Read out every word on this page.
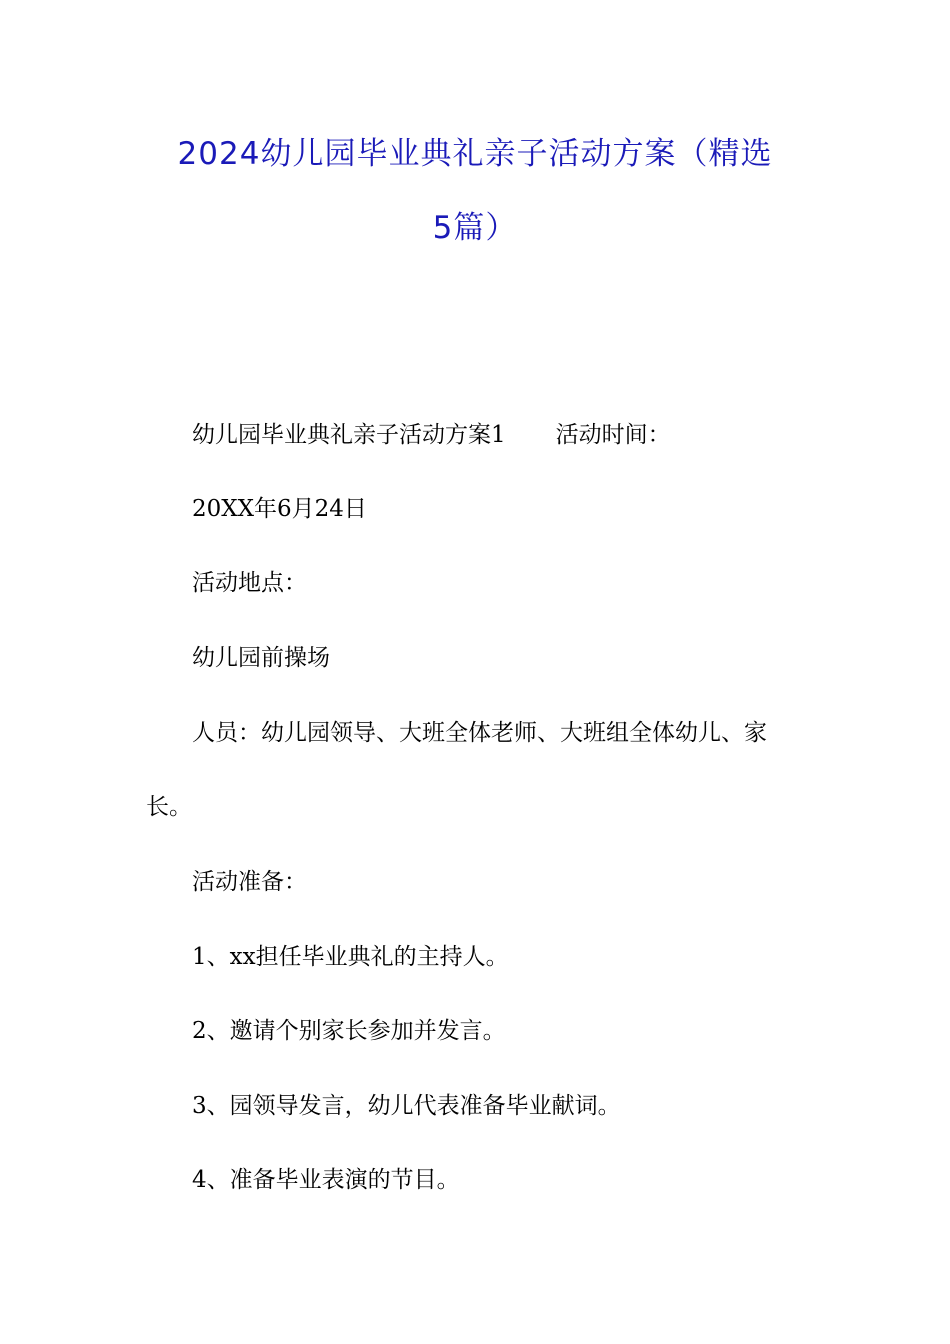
2024幼儿园毕业典礼亲子活动方案（精选
5篇）
幼儿园毕业典礼亲子活动方案1 活动时间：
20XX年6月24日
活动地点：
幼儿园前操场
人员：幼儿园领导、大班全体老师、大班组全体幼儿、家
长。
活动准备：
1、xx担任毕业典礼的主持人。
2、邀请个别家长参加并发言。
3、园领导发言，幼儿代表准备毕业献词。
4、准备毕业表演的节目。
